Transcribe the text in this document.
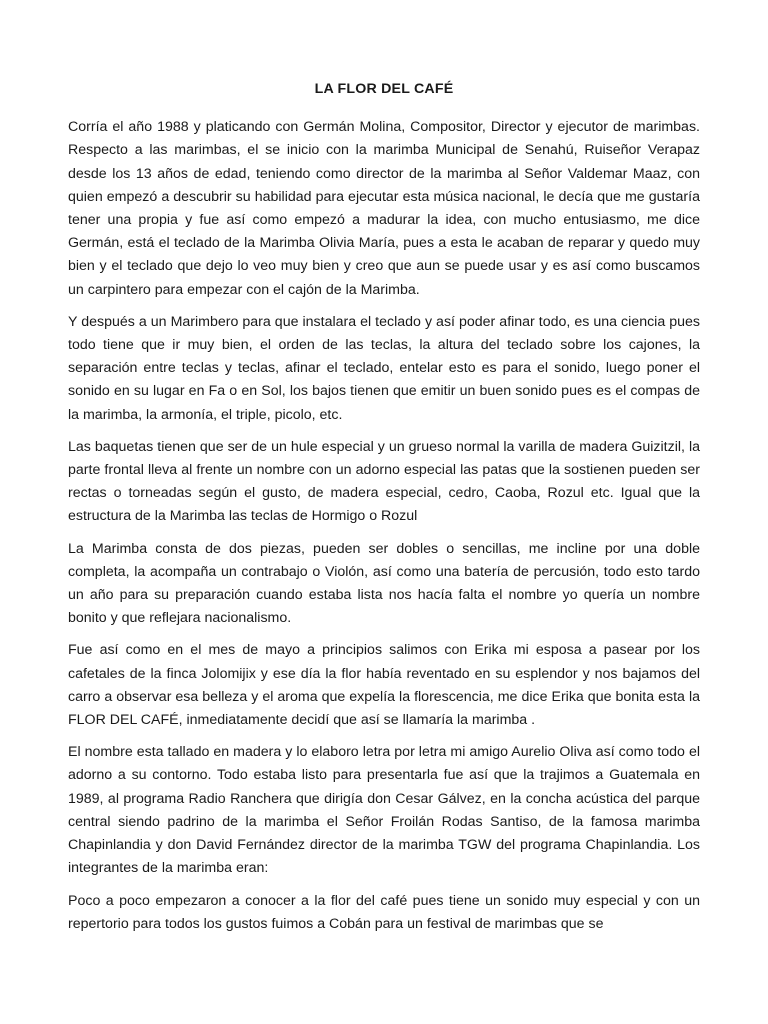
LA FLOR DEL CAFÉ

Corría el año 1988 y platicando con Germán Molina, Compositor, Director y ejecutor de marimbas. Respecto a las marimbas, el se inicio con la marimba Municipal de Senahú, Ruiseñor Verapaz desde los 13 años de edad, teniendo como director de la marimba al Señor Valdemar Maaz, con quien empezó a descubrir su habilidad para ejecutar esta música nacional, le decía que me gustaría tener una propia y fue así como empezó a madurar la idea, con mucho entusiasmo, me dice Germán, está el teclado de la Marimba Olivia María, pues a esta le acaban de reparar y quedo muy bien y el teclado que dejo lo veo muy bien y creo que aun se puede usar y es así como buscamos un carpintero para empezar con el cajón de la Marimba.

Y después a un Marimbero para que instalara el teclado y así poder afinar todo, es una ciencia pues todo tiene que ir muy bien, el orden de las teclas, la altura del teclado sobre los cajones, la separación entre teclas y teclas, afinar el teclado, entelar esto es para el sonido, luego poner el sonido en su lugar en Fa o en Sol, los bajos tienen que emitir un buen sonido pues es el compas de la marimba, la armonía, el triple, picolo, etc.

Las baquetas tienen que ser de un hule especial y un grueso normal la varilla de madera Guizitzil, la parte frontal lleva al frente un nombre con un adorno especial las patas que la sostienen pueden ser rectas o torneadas según el gusto, de madera especial, cedro, Caoba, Rozul etc. Igual que la estructura de la Marimba las teclas de Hormigo o Rozul

La Marimba consta de dos piezas, pueden ser dobles o sencillas, me incline por una doble completa, la acompaña un contrabajo o Violón, así como una batería de percusión, todo esto tardo un año para su preparación cuando estaba lista nos hacía falta el nombre yo quería un nombre bonito y que reflejara nacionalismo.

Fue así como en el mes de mayo a principios salimos con Erika mi esposa a pasear por los cafetales de la finca Jolomijix y ese día la flor había reventado en su esplendor y nos bajamos del carro a observar esa belleza y el aroma que expelía la florescencia, me dice Erika que bonita esta la FLOR DEL CAFÉ, inmediatamente decidí que así se llamaría la marimba .

El nombre esta tallado en madera y lo elaboro letra por letra mi amigo Aurelio Oliva así como todo el adorno a su contorno. Todo estaba listo para presentarla fue así que la trajimos a Guatemala en 1989, al programa Radio Ranchera que dirigía don Cesar Gálvez, en la concha acústica del parque central siendo padrino de la marimba el Señor Froilán Rodas Santiso, de la famosa marimba Chapinlandia y don David Fernández director de la marimba TGW del programa Chapinlandia. Los integrantes de la marimba eran:

Poco a poco empezaron a conocer a la flor del café pues tiene un sonido muy especial y con un repertorio para todos los gustos fuimos a Cobán para un festival de marimbas que se
